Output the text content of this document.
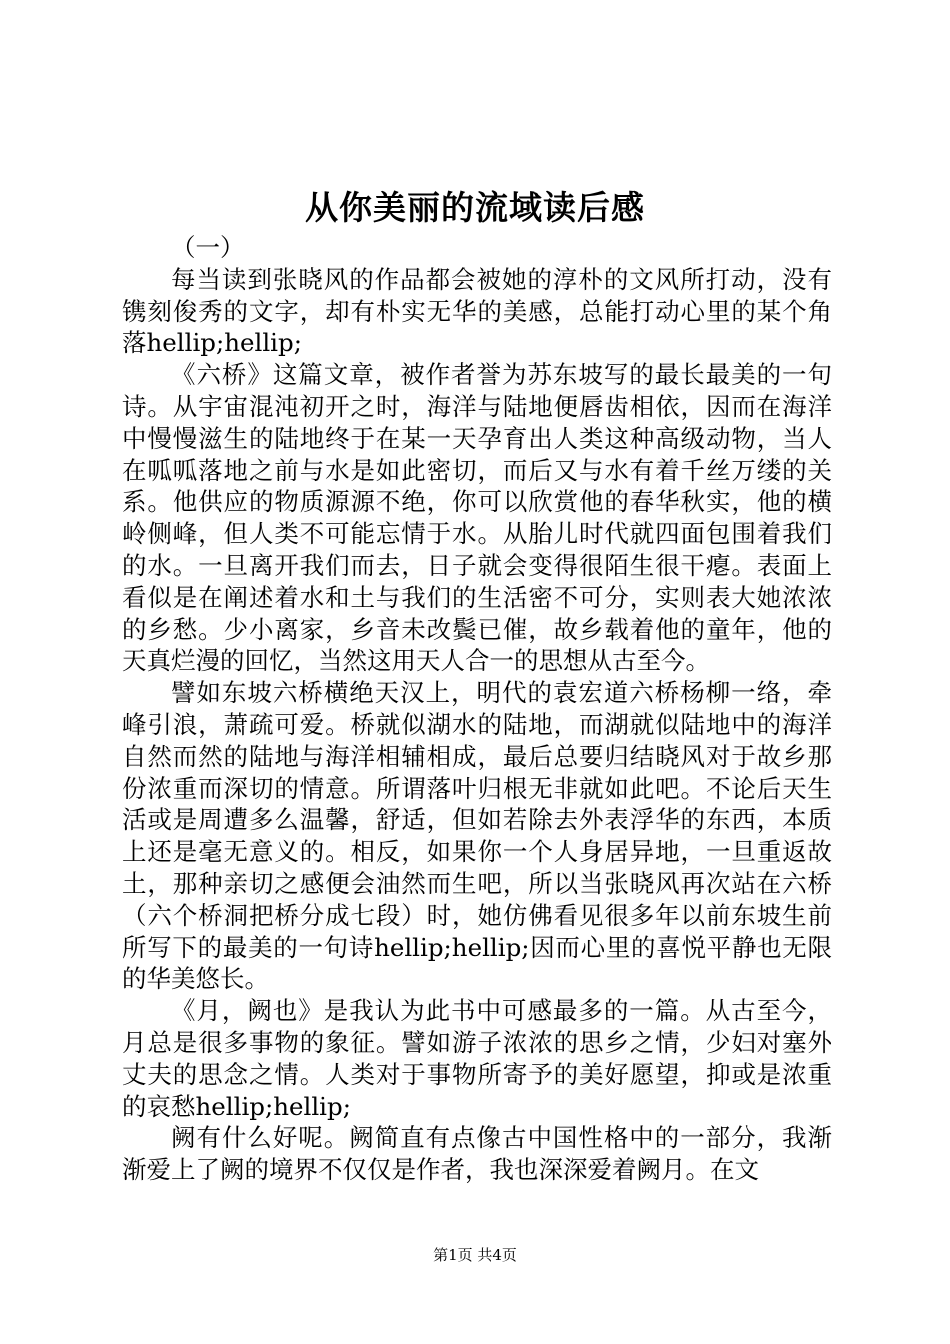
从你美丽的流域读后感

（一）

每当读到张晓风的作品都会被她的淳朴的文风所打动，没有镌刻俊秀的文字，却有朴实无华的美感，总能打动心里的某个角落hellip;hellip;

《六桥》这篇文章，被作者誉为苏东坡写的最长最美的一句诗。从宇宙混沌初开之时，海洋与陆地便唇齿相依，因而在海洋中慢慢滋生的陆地终于在某一天孕育出人类这种高级动物，当人在呱呱落地之前与水是如此密切，而后又与水有着千丝万缕的关系。他供应的物质源源不绝，你可以欣赏他的春华秋实，他的横岭侧峰，但人类不可能忘情于水。从胎儿时代就四面包围着我们的水。一旦离开我们而去，日子就会变得很陌生很干瘪。表面上看似是在阐述着水和土与我们的生活密不可分，实则表大她浓浓的乡愁。少小离家，乡音未改鬓已催，故乡载着他的童年，他的天真烂漫的回忆，当然这用天人合一的思想从古至今。

譬如东坡六桥横绝天汉上，明代的袁宏道六桥杨柳一络，牵峰引浪，萧疏可爱。桥就似湖水的陆地，而湖就似陆地中的海洋自然而然的陆地与海洋相辅相成，最后总要归结晓风对于故乡那份浓重而深切的情意。所谓落叶归根无非就如此吧。不论后天生活或是周遭多么温馨，舒适，但如若除去外表浮华的东西，本质上还是毫无意义的。相反，如果你一个人身居异地，一旦重返故土，那种亲切之感便会油然而生吧，所以当张晓风再次站在六桥（六个桥洞把桥分成七段）时，她仿佛看见很多年以前东坡生前所写下的最美的一句诗hellip;hellip;因而心里的喜悦平静也无限的华美悠长。

《月，阙也》是我认为此书中可感最多的一篇。从古至今，月总是很多事物的象征。譬如游子浓浓的思乡之情，少妇对塞外丈夫的思念之情。人类对于事物所寄予的美好愿望，抑或是浓重的哀愁hellip;hellip;

阙有什么好呢。阙简直有点像古中国性格中的一部分，我渐渐爱上了阙的境界不仅仅是作者，我也深深爱着阙月。在文

第1页 共4页
